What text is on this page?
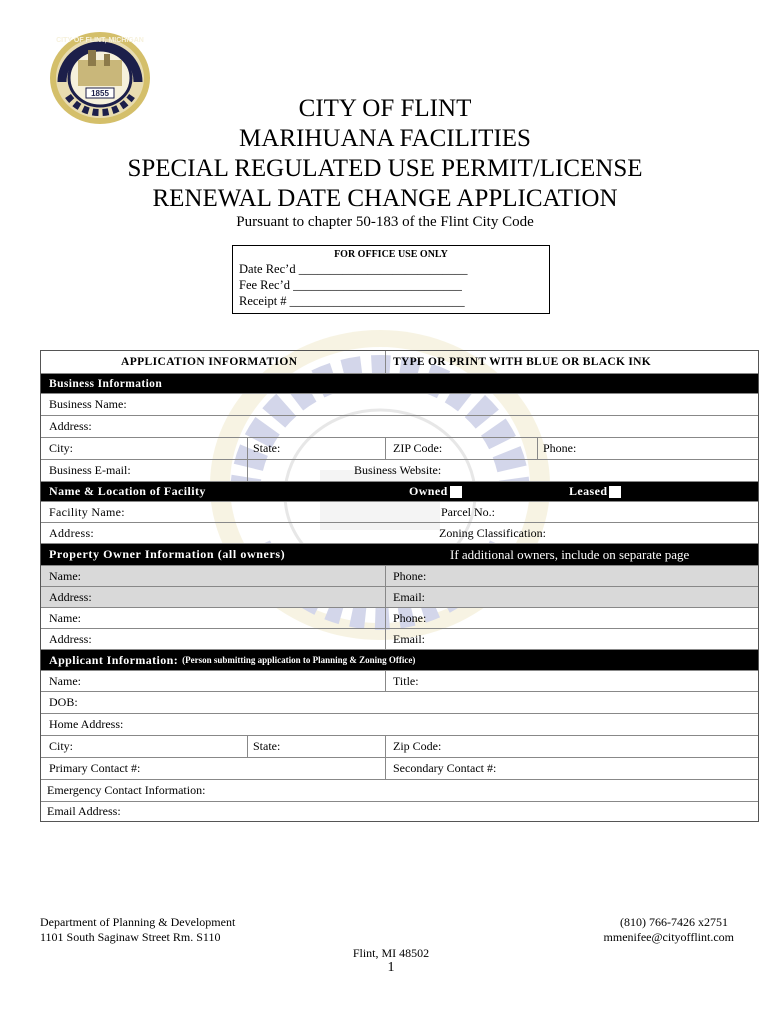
1855
CITY OF FLINT, MICHIGAN
CITY OF FLINT
MARIHUANA FACILITIES
SPECIAL REGULATED USE PERMIT/LICENSE
RENEWAL DATE CHANGE APPLICATION
Pursuant to chapter 50-183 of the Flint City Code
FOR OFFICE USE ONLY
Date Rec’d ___________________________
Fee Rec’d ___________________________
Receipt # ____________________________
APPLICATION INFORMATION	TYPE OR PRINT WITH BLUE OR BLACK INK
Business Information
Business Name:
Address:
City:	State:	ZIP Code:	Phone:
Business E-mail:	Business Website:
Name & Location of Facility	Owned	Leased
Facility Name:	Parcel No.:
Address:	Zoning Classification:
Property Owner Information (all owners)	If additional owners, include on separate page
Name:	Phone:
Address:	Email:
Name:	Phone:
Address:	Email:
Applicant Information: (Person submitting application to Planning & Zoning Office)
Name:	Title:
DOB:
Home Address:
City:	State:	Zip Code:
Primary Contact #:	Secondary Contact #:
Emergency Contact Information:
Email Address:
Department of Planning & Development
1101 South Saginaw Street Rm. S110
(810) 766-7426 x2751
mmenifee@cityofflint.com
Flint, MI 48502
1
